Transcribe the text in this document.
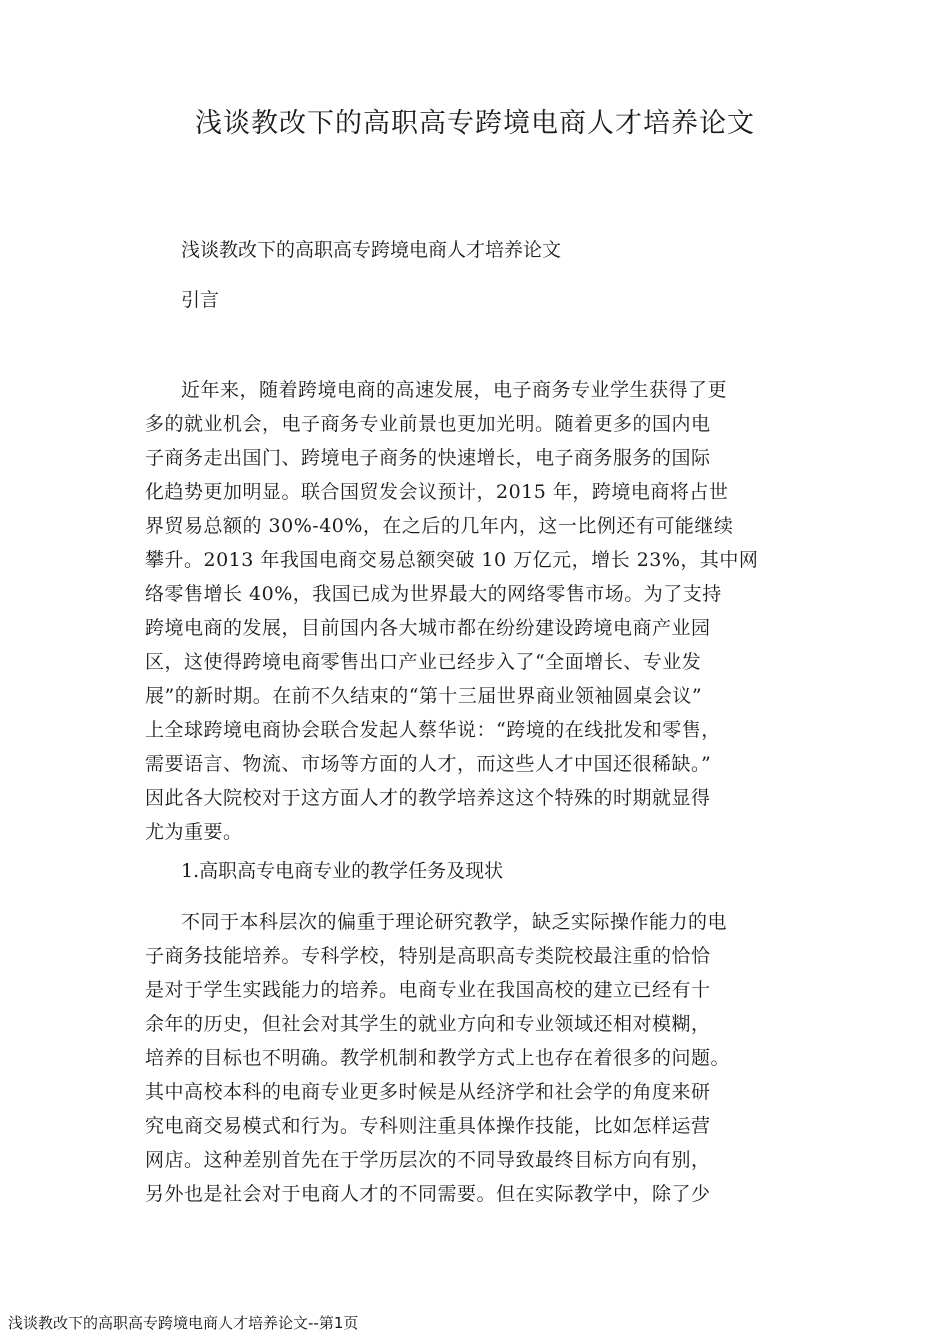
浅谈教改下的高职高专跨境电商人才培养论文
浅谈教改下的高职高专跨境电商人才培养论文
引言
近年来，随着跨境电商的高速发展，电子商务专业学生获得了更
多的就业机会，电子商务专业前景也更加光明。随着更多的国内电
子商务走出国门、跨境电子商务的快速增长，电子商务服务的国际
化趋势更加明显。联合国贸发会议预计，2015 年，跨境电商将占世
界贸易总额的 30%-40%，在之后的几年内，这一比例还有可能继续
攀升。2013 年我国电商交易总额突破 10 万亿元，增长 23%，其中网
络零售增长 40%，我国已成为世界最大的网络零售市场。为了支持
跨境电商的发展，目前国内各大城市都在纷纷建设跨境电商产业园
区，这使得跨境电商零售出口产业已经步入了“全面增长、专业发
展”的新时期。在前不久结束的“第十三届世界商业领袖圆桌会议”
上全球跨境电商协会联合发起人蔡华说：“跨境的在线批发和零售，
需要语言、物流、市场等方面的人才，而这些人才中国还很稀缺。”
因此各大院校对于这方面人才的教学培养这这个特殊的时期就显得
尤为重要。
1.高职高专电商专业的教学任务及现状
不同于本科层次的偏重于理论研究教学，缺乏实际操作能力的电
子商务技能培养。专科学校，特别是高职高专类院校最注重的恰恰
是对于学生实践能力的培养。电商专业在我国高校的建立已经有十
余年的历史，但社会对其学生的就业方向和专业领域还相对模糊，
培养的目标也不明确。教学机制和教学方式上也存在着很多的问题。
其中高校本科的电商专业更多时候是从经济学和社会学的角度来研
究电商交易模式和行为。专科则注重具体操作技能，比如怎样运营
网店。这种差别首先在于学历层次的不同导致最终目标方向有别，
另外也是社会对于电商人才的不同需要。但在实际教学中，除了少
浅谈教改下的高职高专跨境电商人才培养论文--第1页
